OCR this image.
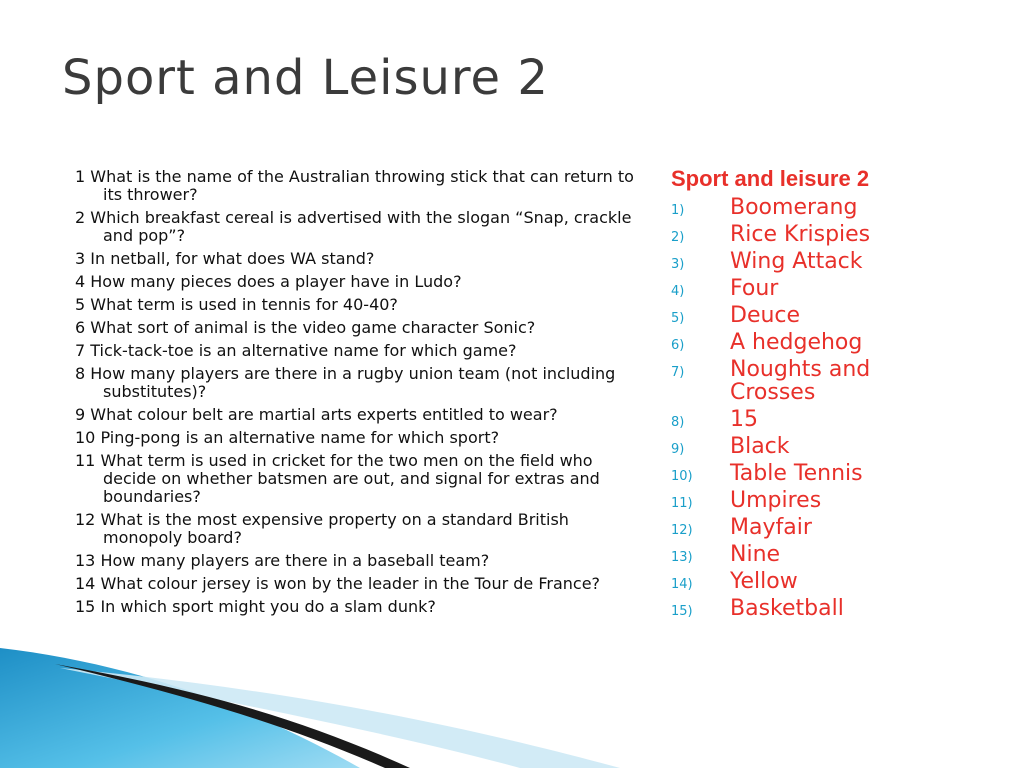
Sport and Leisure 2
1 What is the name of the Australian throwing stick that can return to its thrower?
2 Which breakfast cereal is advertised with the slogan “Snap, crackle and pop”?
3 In netball, for what does WA stand?
4 How many pieces does a player have in Ludo?
5 What term is used in tennis for 40-40?
6 What sort of animal is the video game character Sonic?
7 Tick-tack-toe is an alternative name for which game?
8 How many players are there in a rugby union team (not including substitutes)?
9 What colour belt are martial arts experts entitled to wear?
10 Ping-pong is an alternative name for which sport?
11 What term is used in cricket for the two men on the field who decide on whether batsmen are out, and signal for extras and boundaries?
12 What is the most expensive property on a standard British monopoly board?
13 How many players are there in a baseball team?
14 What colour jersey is won by the leader in the Tour de France?
15 In which sport might you do a slam dunk?
Sport and leisure 2
1)	Boomerang
2)	Rice Krispies
3)	Wing Attack
4)	Four
5)	Deuce
6)	A hedgehog
7)	Noughts and Crosses
8)	15
9)	Black
10)	Table Tennis
11)	Umpires
12)	Mayfair
13)	Nine
14)	Yellow
15)	Basketball
